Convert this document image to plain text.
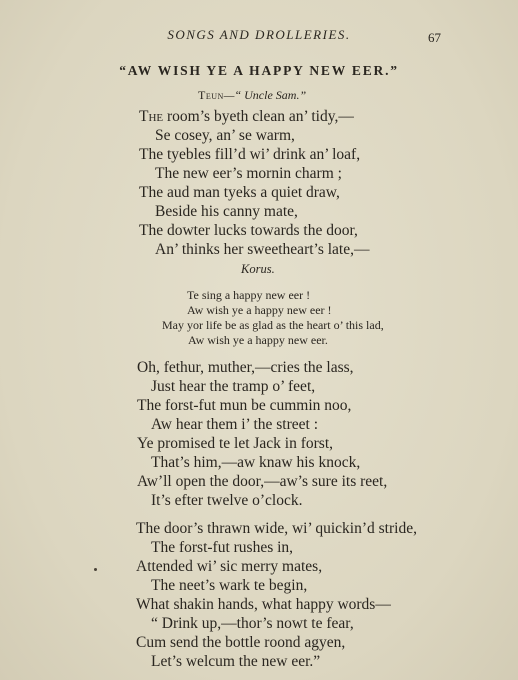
SONGS AND DROLLERIES.	67
“AW WISH YE A HAPPY NEW EER.”
Teun—“ Uncle Sam.”
The room’s byeth clean an’ tidy,—
Se cosey, an’ se warm,
The tyebles fill’d wi’ drink an’ loaf,
The new eer’s mornin charm ;
The aud man tyeks a quiet draw,
Beside his canny mate,
The dowter lucks towards the door,
An’ thinks her sweetheart’s late,—
Korus.
Te sing a happy new eer !
Aw wish ye a happy new eer !
May yor life be as glad as the heart o’ this lad,
Aw wish ye a happy new eer.
Oh, fethur, muther,—cries the lass,
Just hear the tramp o’ feet,
The forst-fut mun be cummin noo,
Aw hear them i’ the street :
Ye promised te let Jack in forst,
That’s him,—aw knaw his knock,
Aw’ll open the door,—aw’s sure its reet,
It’s efter twelve o’clock.
The door’s thrawn wide, wi’ quickin’d stride,
The forst-fut rushes in,
Attended wi’ sic merry mates,
The neet’s wark te begin,
What shakin hands, what happy words—
“ Drink up,—thor’s nowt te fear,
Cum send the bottle roond agyen,
Let’s welcum the new eer.”
